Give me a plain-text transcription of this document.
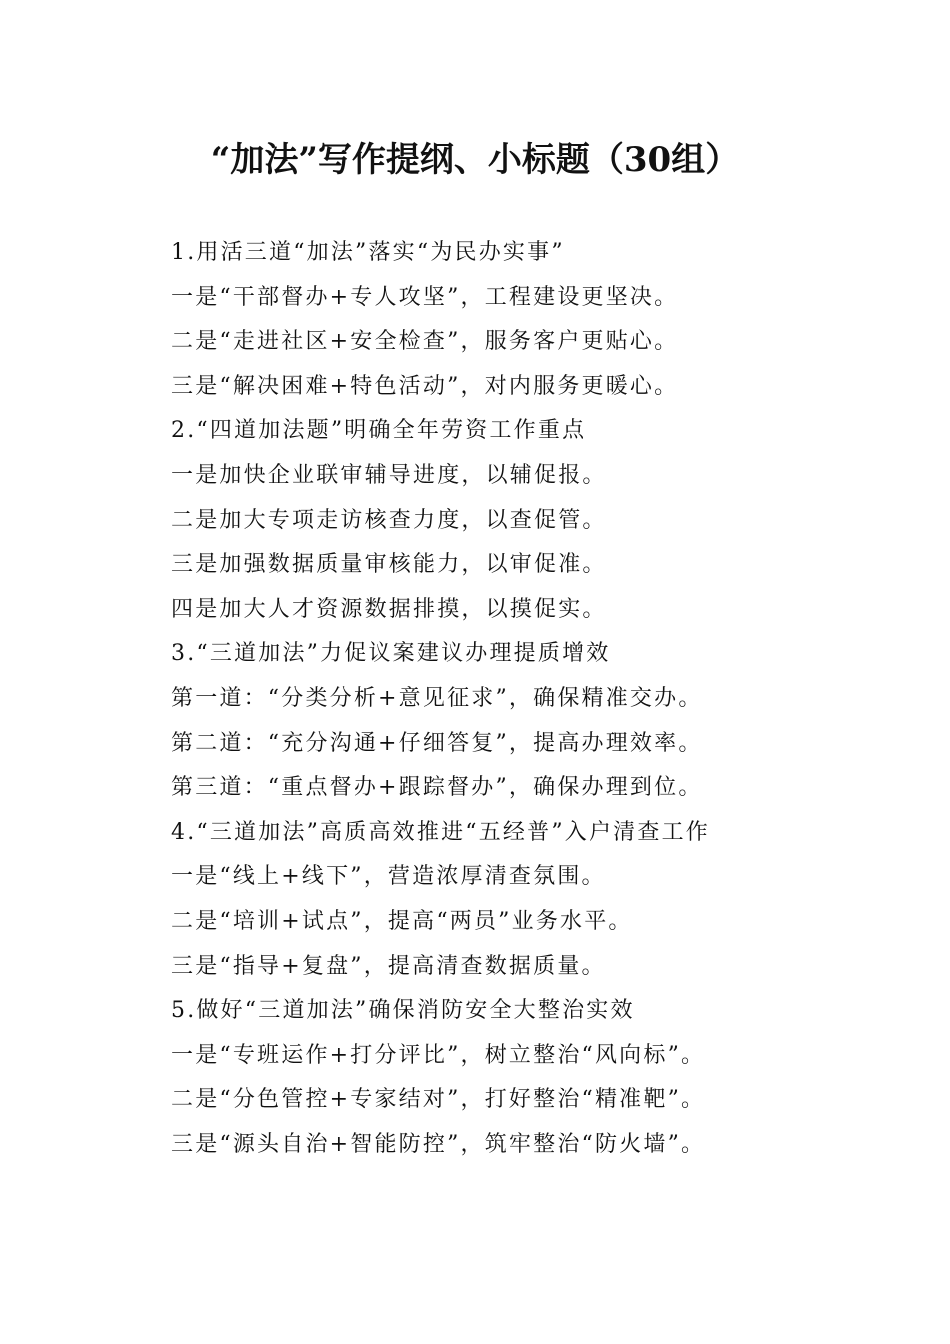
“加法”写作提纲、小标题（30组）
1.用活三道“加法”落实“为民办实事”
一是“干部督办+专人攻坚”，工程建设更坚决。
二是“走进社区+安全检查”，服务客户更贴心。
三是“解决困难+特色活动”，对内服务更暖心。
2.“四道加法题”明确全年劳资工作重点
一是加快企业联审辅导进度，以辅促报。
二是加大专项走访核查力度，以查促管。
三是加强数据质量审核能力，以审促准。
四是加大人才资源数据排摸，以摸促实。
3.“三道加法”力促议案建议办理提质增效
第一道：“分类分析+意见征求”，确保精准交办。
第二道：“充分沟通+仔细答复”，提高办理效率。
第三道：“重点督办+跟踪督办”，确保办理到位。
4.“三道加法”高质高效推进“五经普”入户清查工作
一是“线上+线下”，营造浓厚清查氛围。
二是“培训+试点”，提高“两员”业务水平。
三是“指导+复盘”，提高清查数据质量。
5.做好“三道加法”确保消防安全大整治实效
一是“专班运作+打分评比”，树立整治“风向标”。
二是“分色管控+专家结对”，打好整治“精准靶”。
三是“源头自治+智能防控”，筑牢整治“防火墙”。
